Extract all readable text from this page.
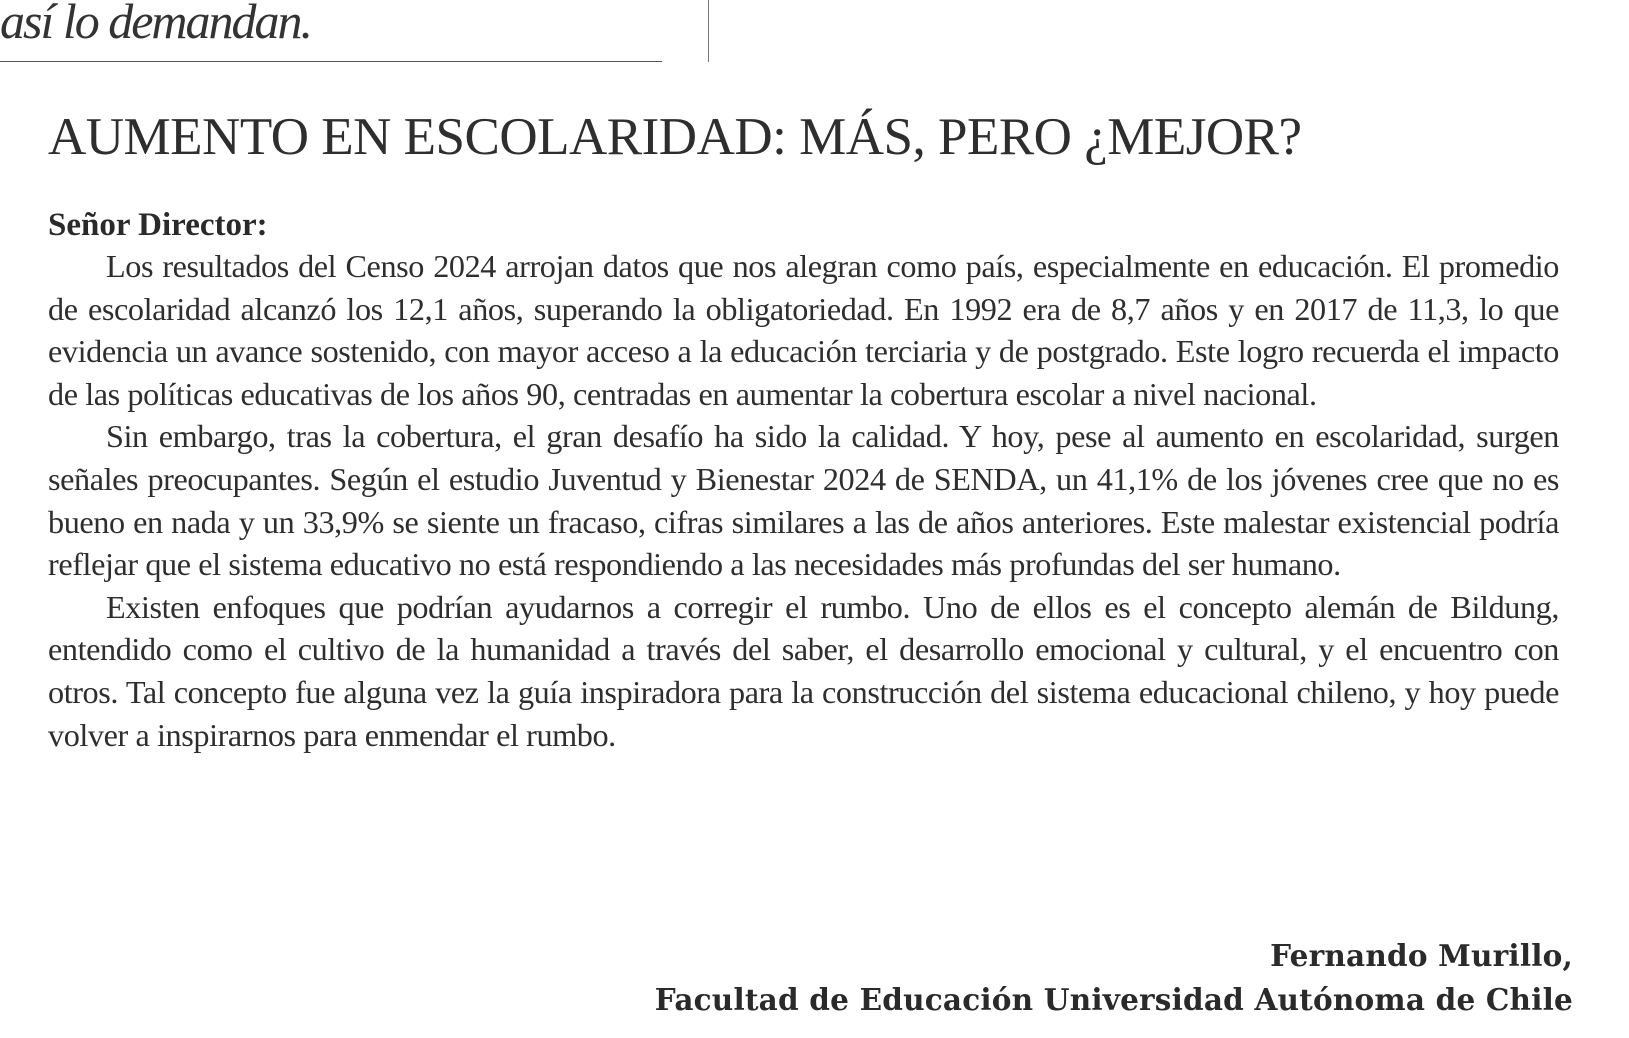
así lo demandan.
AUMENTO EN ESCOLARIDAD: MÁS, PERO ¿MEJOR?
Señor Director:

Los resultados del Censo 2024 arrojan datos que nos alegran como país, especialmente en educación. El promedio de escolaridad alcanzó los 12,1 años, superando la obligatoriedad. En 1992 era de 8,7 años y en 2017 de 11,3, lo que evidencia un avance sostenido, con mayor acceso a la educación terciaria y de postgrado. Este logro recuerda el impacto de las políticas educativas de los años 90, centradas en aumentar la cobertura escolar a nivel nacional.

Sin embargo, tras la cobertura, el gran desafío ha sido la calidad. Y hoy, pese al aumento en escolaridad, surgen señales preocupantes. Según el estudio Juventud y Bienestar 2024 de SENDA, un 41,1% de los jóvenes cree que no es bueno en nada y un 33,9% se siente un fracaso, cifras similares a las de años anteriores. Este malestar existencial podría reflejar que el sistema educativo no está respondiendo a las necesidades más profundas del ser humano.

Existen enfoques que podrían ayudarnos a corregir el rumbo. Uno de ellos es el concepto alemán de Bildung, entendido como el cultivo de la humanidad a través del saber, el desarrollo emocional y cultural, y el encuentro con otros. Tal concepto fue alguna vez la guía inspiradora para la construcción del sistema educacional chileno, y hoy puede volver a inspirarnos para enmendar el rumbo.

Fernando Murillo,
Facultad de Educación Universidad Autónoma de Chile
